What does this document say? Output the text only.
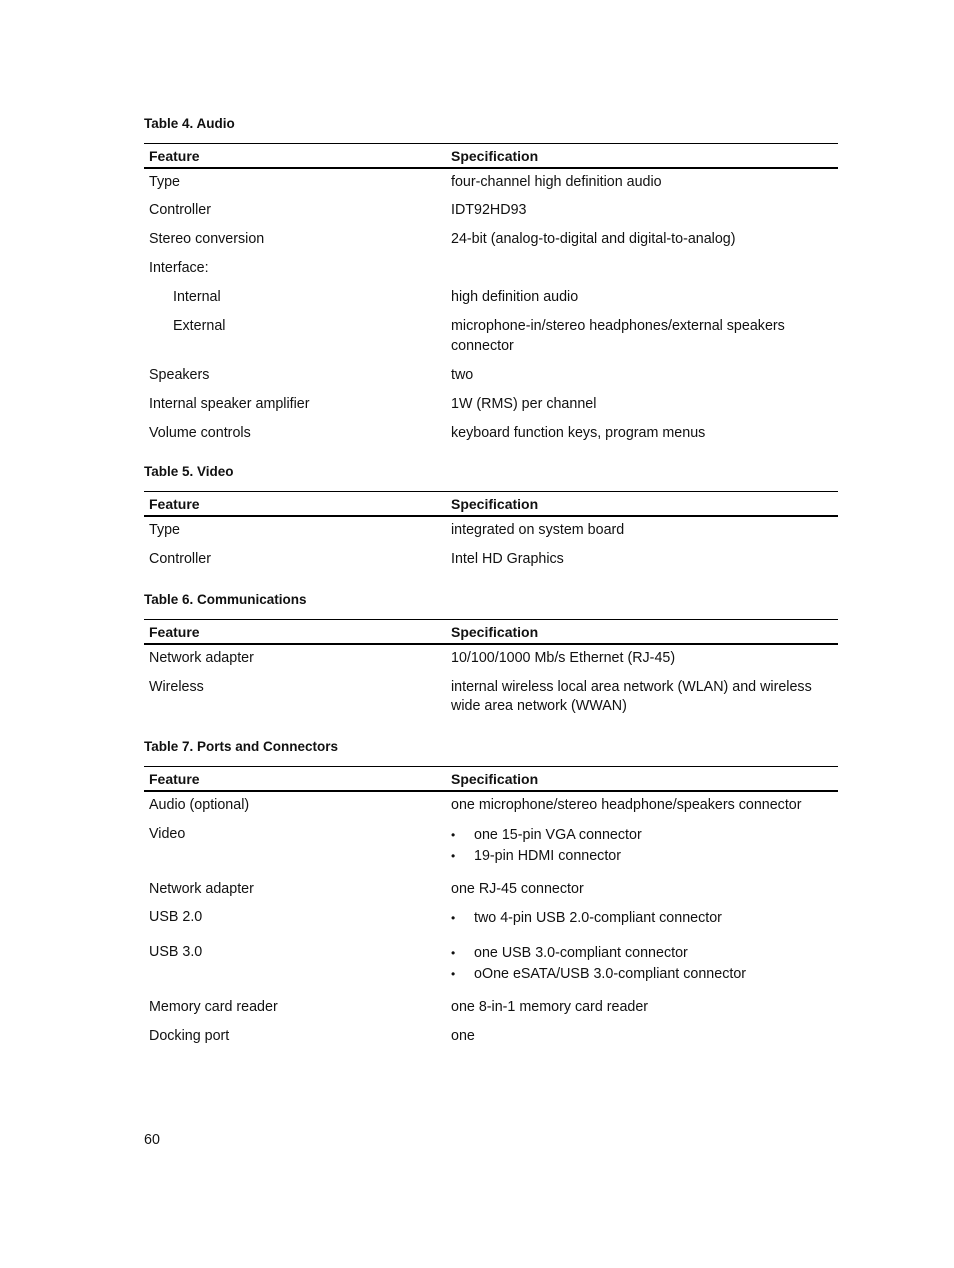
Table 4. Audio
Feature	Specification
Type	four-channel high definition audio
Controller	IDT92HD93
Stereo conversion	24-bit (analog-to-digital and digital-to-analog)
Interface:
Internal	high definition audio
External	microphone-in/stereo headphones/external speakers connector
Speakers	two
Internal speaker amplifier	1W (RMS) per channel
Volume controls	keyboard function keys, program menus
Table 5. Video
Feature	Specification
Type	integrated on system board
Controller	Intel HD Graphics
Table 6. Communications
Feature	Specification
Network adapter	10/100/1000 Mb/s Ethernet (RJ-45)
Wireless	internal wireless local area network (WLAN) and wireless wide area network (WWAN)
Table 7. Ports and Connectors
Feature	Specification
Audio (optional)	one microphone/stereo headphone/speakers connector
Video	• one 15-pin VGA connector
• 19-pin HDMI connector
Network adapter	one RJ-45 connector
USB 2.0	• two 4-pin USB 2.0-compliant connector
USB 3.0	• one USB 3.0-compliant connector
• oOne eSATA/USB 3.0-compliant connector
Memory card reader	one 8-in-1 memory card reader
Docking port	one
60
